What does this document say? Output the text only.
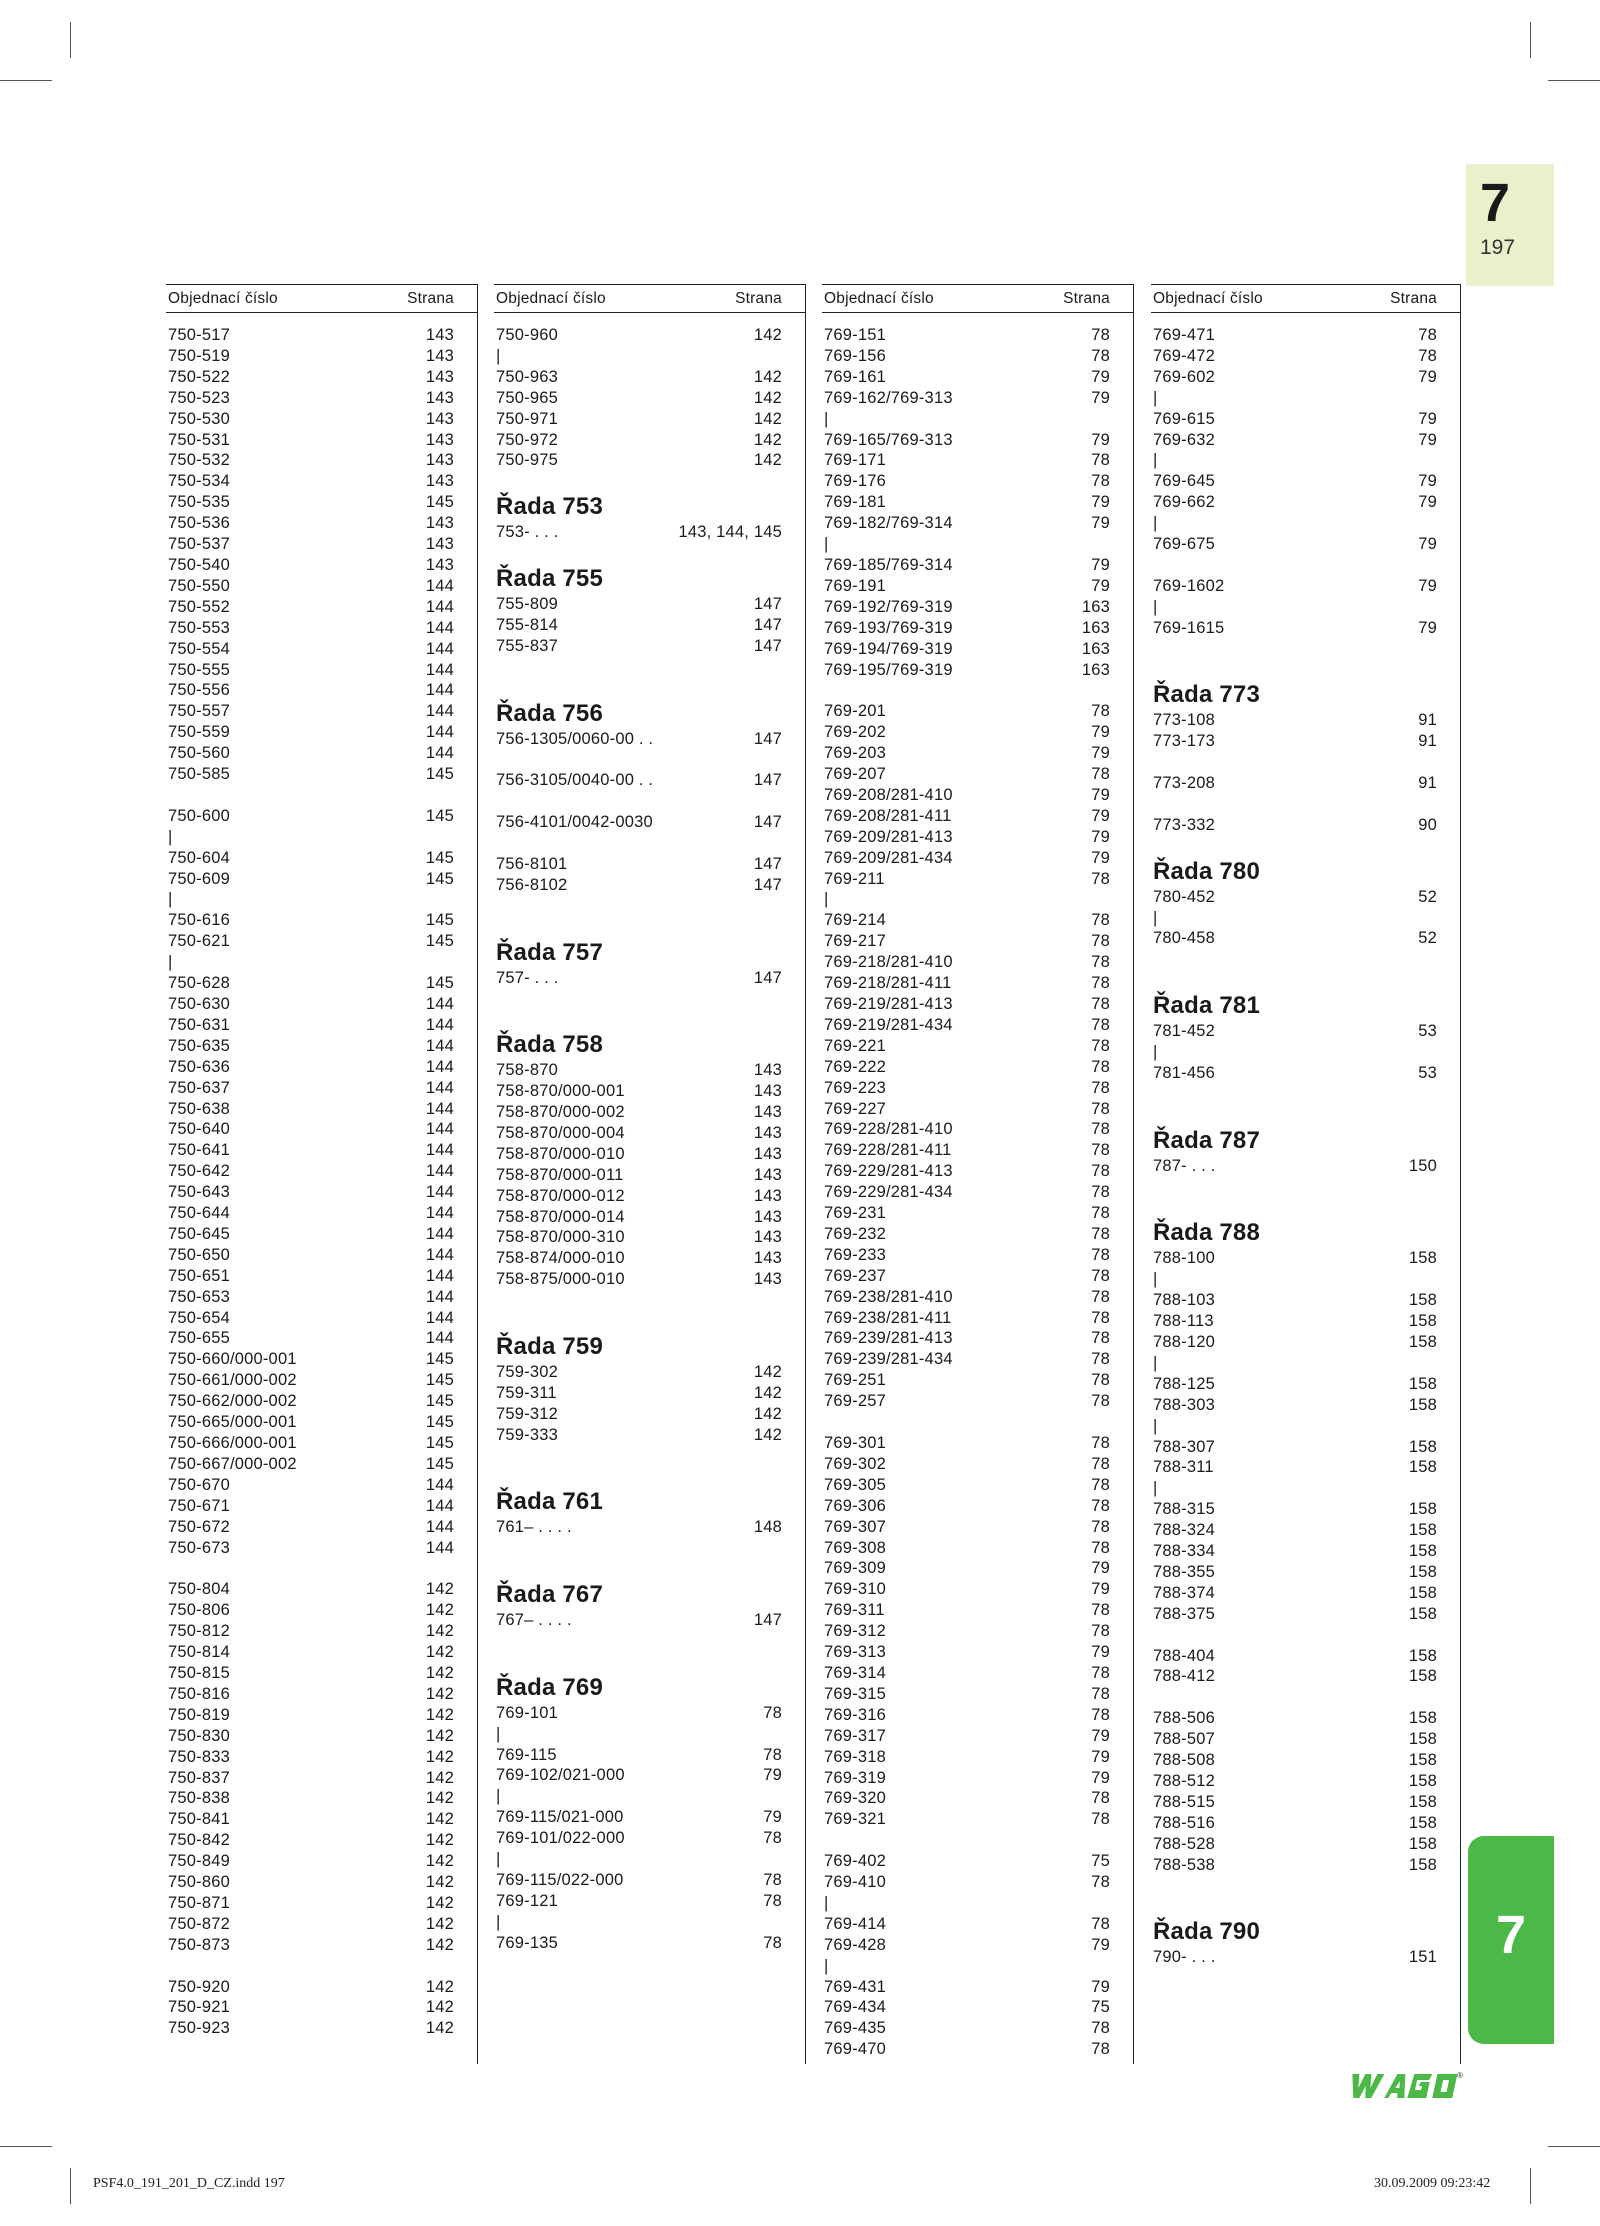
7
197
7
Objednací číslo	Strana
750-517	143
750-519	143
750-522	143
750-523	143
750-530	143
750-531	143
750-532	143
750-534	143
750-535	145
750-536	143
750-537	143
750-540	143
750-550	144
750-552	144
750-553	144
750-554	144
750-555	144
750-556	144
750-557	144
750-559	144
750-560	144
750-585	145
750-600	145
|
750-604	145
750-609	145
|
750-616	145
750-621	145
|
750-628	145
750-630	144
750-631	144
750-635	144
750-636	144
750-637	144
750-638	144
750-640	144
750-641	144
750-642	144
750-643	144
750-644	144
750-645	144
750-650	144
750-651	144
750-653	144
750-654	144
750-655	144
750-660/000-001	145
750-661/000-002	145
750-662/000-002	145
750-665/000-001	145
750-666/000-001	145
750-667/000-002	145
750-670	144
750-671	144
750-672	144
750-673	144
750-804	142
750-806	142
750-812	142
750-814	142
750-815	142
750-816	142
750-819	142
750-830	142
750-833	142
750-837	142
750-838	142
750-841	142
750-842	142
750-849	142
750-860	142
750-871	142
750-872	142
750-873	142
750-920	142
750-921	142
750-923	142
Objednací číslo	Strana
750-960	142
|
750-963	142
750-965	142
750-971	142
750-972	142
750-975	142
Řada 753
753- . . .	143, 144, 145
Řada 755
755-809	147
755-814	147
755-837	147
Řada 756
756-1305/0060-00 . .	147
756-3105/0040-00 . .	147
756-4101/0042-0030	147
756-8101	147
756-8102	147
Řada 757
757- . . .	147
Řada 758
758-870	143
758-870/000-001	143
758-870/000-002	143
758-870/000-004	143
758-870/000-010	143
758-870/000-011	143
758-870/000-012	143
758-870/000-014	143
758-870/000-310	143
758-874/000-010	143
758-875/000-010	143
Řada 759
759-302	142
759-311	142
759-312	142
759-333	142
Řada 761
761– . . . .	148
Řada 767
767– . . . .	147
Řada 769
769-101	78
|
769-115	78
769-102/021-000	79
|
769-115/021-000	79
769-101/022-000	78
|
769-115/022-000	78
769-121	78
|
769-135	78
Objednací číslo	Strana
769-151	78
769-156	78
769-161	79
769-162/769-313	79
|
769-165/769-313	79
769-171	78
769-176	78
769-181	79
769-182/769-314	79
|
769-185/769-314	79
769-191	79
769-192/769-319	163
769-193/769-319	163
769-194/769-319	163
769-195/769-319	163
769-201	78
769-202	79
769-203	79
769-207	78
769-208/281-410	79
769-208/281-411	79
769-209/281-413	79
769-209/281-434	79
769-211	78
|
769-214	78
769-217	78
769-218/281-410	78
769-218/281-411	78
769-219/281-413	78
769-219/281-434	78
769-221	78
769-222	78
769-223	78
769-227	78
769-228/281-410	78
769-228/281-411	78
769-229/281-413	78
769-229/281-434	78
769-231	78
769-232	78
769-233	78
769-237	78
769-238/281-410	78
769-238/281-411	78
769-239/281-413	78
769-239/281-434	78
769-251	78
769-257	78
769-301	78
769-302	78
769-305	78
769-306	78
769-307	78
769-308	78
769-309	79
769-310	79
769-311	78
769-312	78
769-313	79
769-314	78
769-315	78
769-316	78
769-317	79
769-318	79
769-319	79
769-320	78
769-321	78
769-402	75
769-410	78
|
769-414	78
769-428	79
|
769-431	79
769-434	75
769-435	78
769-470	78
Objednací číslo	Strana
769-471	78
769-472	78
769-602	79
|
769-615	79
769-632	79
|
769-645	79
769-662	79
|
769-675	79
769-1602	79
|
769-1615	79
Řada 773
773-108	91
773-173	91
773-208	91
773-332	90
Řada 780
780-452	52
|
780-458	52
Řada 781
781-452	53
|
781-456	53
Řada 787
787- . . .	150
Řada 788
788-100	158
|
788-103	158
788-113	158
788-120	158
|
788-125	158
788-303	158
|
788-307	158
788-311	158
|
788-315	158
788-324	158
788-334	158
788-355	158
788-374	158
788-375	158
788-404	158
788-412	158
788-506	158
788-507	158
788-508	158
788-512	158
788-515	158
788-516	158
788-528	158
788-538	158
Řada 790
790- . . .	151
®
PSF4.0_191_201_D_CZ.indd 197	30.09.2009 09:23:42
